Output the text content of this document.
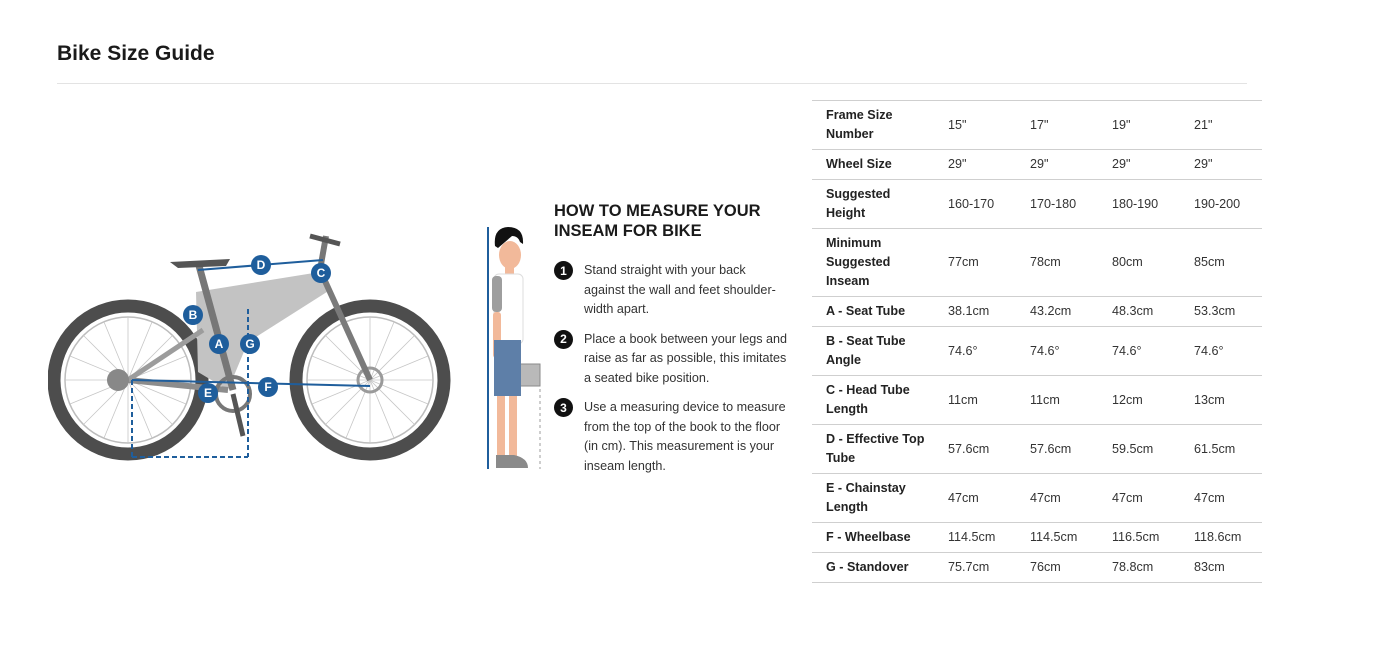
Bike Size Guide
A
B
C
D
E	F
G
HOW TO MEASURE YOUR INSEAM FOR BIKE
1	Stand straight with your back against the wall and feet shoulder-width apart.
2	Place a book between your legs and raise as far as possible, this imitates a seated bike position.
3	Use a measuring device to measure from the top of the book to the floor (in cm). This measurement is your inseam length.
Frame Size Number	15"	17"	19"	21"
Wheel Size	29"	29"	29"	29"
Suggested Height	160-170	170-180	180-190	190-200
Minimum Suggested Inseam	77cm	78cm	80cm	85cm
A - Seat Tube	38.1cm	43.2cm	48.3cm	53.3cm
B - Seat Tube Angle	74.6°	74.6°	74.6°	74.6°
C - Head Tube Length	11cm	11cm	12cm	13cm
D - Effective Top Tube	57.6cm	57.6cm	59.5cm	61.5cm
E - Chainstay Length	47cm	47cm	47cm	47cm
F - Wheelbase	114.5cm	114.5cm	116.5cm	118.6cm
G - Standover	75.7cm	76cm	78.8cm	83cm
